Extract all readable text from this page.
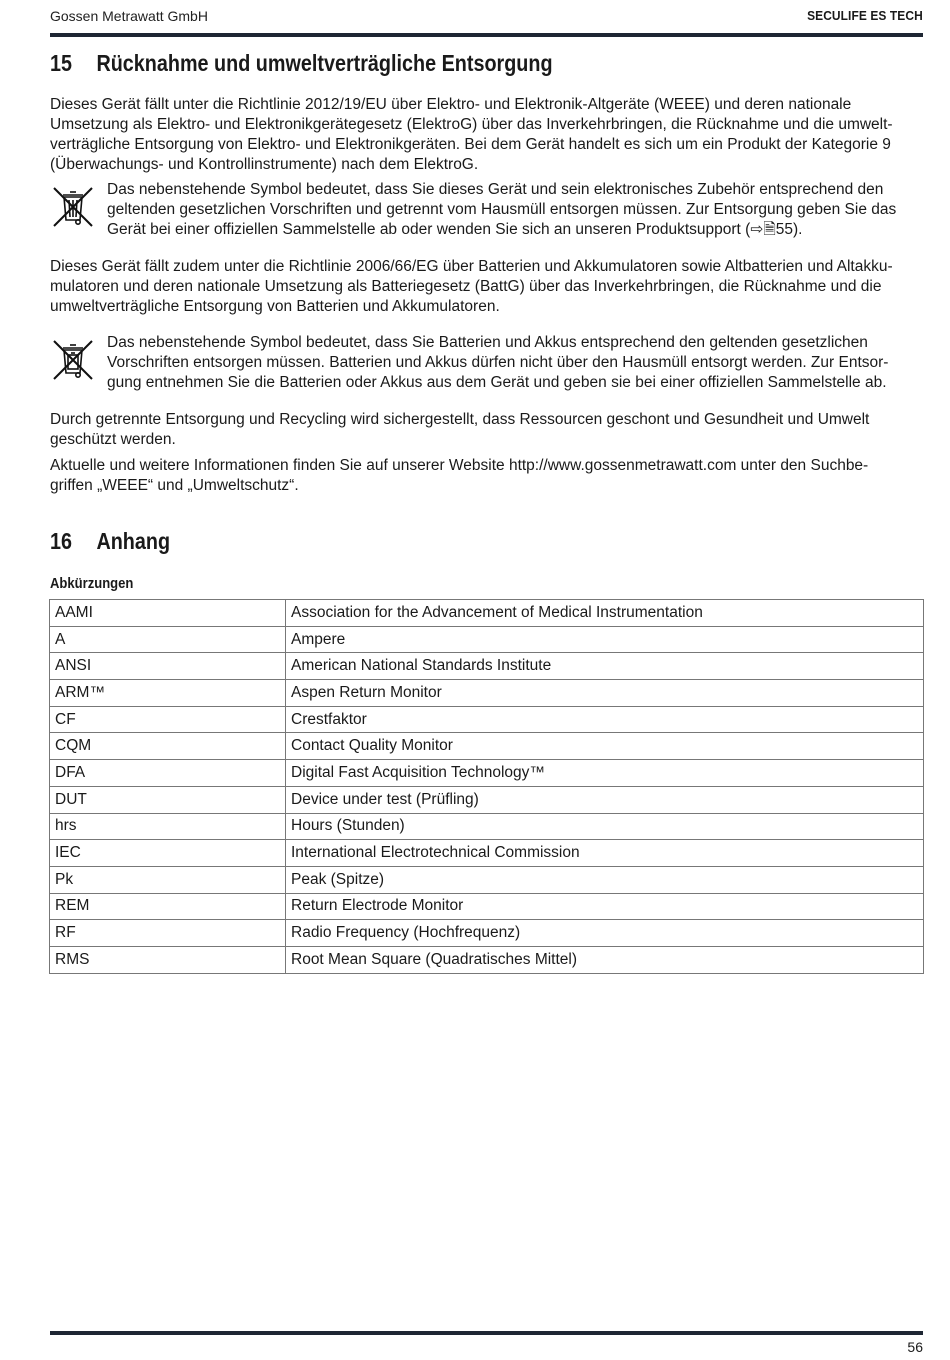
Gossen Metrawatt GmbH	SECULIFE ES TECH
15 Rücknahme und umweltverträgliche Entsorgung

Dieses Gerät fällt unter die Richtlinie 2012/19/EU über Elektro- und Elektronik-Altgeräte (WEEE) und deren nationale

Umsetzung als Elektro- und Elektronikgerätegesetz (ElektroG) über das Inverkehrbringen, die Rücknahme und die umwelt-

verträgliche Entsorgung von Elektro- und Elektronikgeräten. Bei dem Gerät handelt es sich um ein Produkt der Kategorie 9

(Überwachungs- und Kontrollinstrumente) nach dem ElektroG.

Das nebenstehende Symbol bedeutet, dass Sie dieses Gerät und sein elektronisches Zubehör entsprechend den

geltenden gesetzlichen Vorschriften und getrennt vom Hausmüll entsorgen müssen. Zur Entsorgung geben Sie das

Gerät bei einer offiziellen Sammelstelle ab oder wenden Sie sich an unseren Produktsupport (⇨🗎55).

Dieses Gerät fällt zudem unter die Richtlinie 2006/66/EG über Batterien und Akkumulatoren sowie Altbatterien und Altakku-

mulatoren und deren nationale Umsetzung als Batteriegesetz (BattG) über das Inverkehrbringen, die Rücknahme und die

umweltverträgliche Entsorgung von Batterien und Akkumulatoren.

Das nebenstehende Symbol bedeutet, dass Sie Batterien und Akkus entsprechend den geltenden gesetzlichen

Vorschriften entsorgen müssen. Batterien und Akkus dürfen nicht über den Hausmüll entsorgt werden. Zur Entsor-

gung entnehmen Sie die Batterien oder Akkus aus dem Gerät und geben sie bei einer offiziellen Sammelstelle ab.

Durch getrennte Entsorgung und Recycling wird sichergestellt, dass Ressourcen geschont und Gesundheit und Umwelt

geschützt werden.

Aktuelle und weitere Informationen finden Sie auf unserer Website http://www.gossenmetrawatt.com unter den Suchbe-

griffen „WEEE“ und „Umweltschutz“.

16 Anhang
Abkürzungen
AAMI	Association for the Advancement of Medical Instrumentation
A	Ampere
ANSI	American National Standards Institute
ARM™	Aspen Return Monitor
CF	Crestfaktor
CQM	Contact Quality Monitor
DFA	Digital Fast Acquisition Technology™
DUT	Device under test (Prüfling)
hrs	Hours (Stunden)
IEC	International Electrotechnical Commission
Pk	Peak (Spitze)
REM	Return Electrode Monitor
RF	Radio Frequency (Hochfrequenz)
RMS	Root Mean Square (Quadratisches Mittel)
56
